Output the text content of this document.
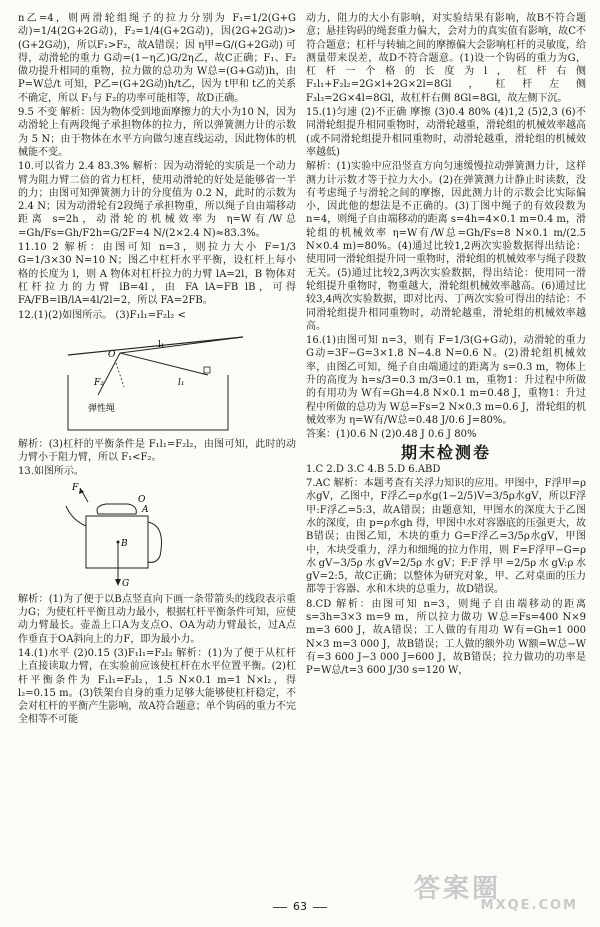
n乙=4，则两滑轮组绳子的拉力分别为 F₁=1/2(G+G动)=1/4(2G+2G动)，F₂=1/4(G+2G动)，因(2G+2G动)>(G+2G动)，所以F₁>F₂，故A错误；因 η甲=G/(G+2G动) 可得，动滑轮的重力 G动=(1−η乙)G/2η乙，故C正确；F₁、F₂做功提升相同的重物，拉力做的总功为 W总=(G+G动)h，由 P=W总/t 可知，P乙=(G+2G动)h/t乙，因为 t甲和 t乙的关系不确定，所以 F₁与 F₂的功率可能相等，故D正确。

9.5 不变 解析：因为物体受到地面摩擦力的大小为10 N，因为动滑轮上有两段绳子承担物体的拉力，所以弹簧测力计的示数为 5 N；由于物体在水平方向做匀速直线运动，因此物体的机械能不变。

10.可以省力 2.4 83.3% 解析：因为动滑轮的实质是一个动力臂为阻力臂二倍的省力杠杆，使用动滑轮的好处是能够省一半的力；由图可知弹簧测力计的分度值为 0.2 N，此时的示数为 2.4 N；因为动滑轮有2段绳子承担物重，所以绳子自由端移动距离 s=2h，动滑轮的机械效率为 η=W有/W总=Gh/Fs=Gh/F2h=G/2F=4 N/(2×2.4 N)≈83.3%。

11.10 2 解析：由图可知 n=3，则拉力大小 F=1/3 G=1/3×30 N=10 N；图乙中杠杆水平平衡，设杠杆上每小格的长度为 l，则 A 物体对杠杆拉力的力臂 lA=2l，B 物体对杠杆拉力的力臂 lB=4l，由 FA lA=FB lB，可得 FA/FB=lB/lA=4l/2l=2，所以 FA=2FB。

12.(1)(2)如图所示。 (3)F₁l₁=F₂l₂ <

l₁
O
F₂	l₁
弹性绳

解析：(3)杠杆的平衡条件是 F₁l₁=F₂l₂，由图可知，此时的动力臂小于阻力臂，所以 F₁<F₂。

13.如图所示。

F
B
O
A
G

解析：(1)为了便于以B点竖直向下画一条带箭头的线段表示重力G；为使杠杆平衡且动力最小，根据杠杆平衡条件可知，应使动力臂最长。壶盖上口A为支点O、OA为动力臂最长，过A点作垂直于OA斜向上的力F，即为最小力。

14.(1)水平 (2)0.15 (3)F₁l₁=F₂l₂ 解析：(1)为了便于从杠杆上直接读取力臂，在实验前应该使杠杆在水平位置平衡。(2)杠杆平衡条件为 F₁l₁=F₂l₂，1.5 N×0.1 m=1 N×l₂，得 l₂=0.15 m。(3)铁架台自身的重力足够大能够使杠杆稳定，不会对杠杆的平衡产生影响，故A符合题意；单个钩码的重力不完全相等不可能

动力，阻力的大小有影响，对实验结果有影响，故B不符合题意；悬挂钩码的绳套重力偏大，会对力的真实值有影响，故C不符合题意；杠杆与转轴之间的摩擦偏大会影响杠杆的灵敏度，给测量带来误差，故D不符合题意。(1)设一个钩码的重力为G，杠杆一个格的长度为l，杠杆右侧 F₁l₁+F₂l₂=2G×l+2G×2l=8Gl，杠杆左侧 F₃l₃=2G×4l=8Gl，故杠杆右侧 8Gl=8Gl，故左侧下沉。

15.(1)匀速 (2)不正确 摩擦 (3)0.4 80% (4)1,2 (5)2,3 (6)不同滑轮组提升相同重物时，动滑轮越重，滑轮组的机械效率越高(或不同滑轮组提升相同重物时，动滑轮越重，滑轮组的机械效率越低)

解析：(1)实验中应沿竖直方向匀速缓慢拉动弹簧测力计，这样测力计示数才等于拉力大小。(2)在弹簧测力计静止时读数，没有考虑绳子与滑轮之间的摩擦，因此测力计的示数会比实际偏小，因此他的想法是不正确的。(3)丁图中绳子的有效段数为 n=4，则绳子自由端移动的距离 s=4h=4×0.1 m=0.4 m，滑轮组的机械效率 η=W有/W总=Gh/Fs=8 N×0.1 m/(2.5 N×0.4 m)=80%。(4)通过比较1,2两次实验数据得出结论：使用同一滑轮组提升同一重物时，滑轮组的机械效率与绳子段数无关。(5)通过比较2,3两次实验数据，得出结论：使用同一滑轮组提升重物时，物重越大，滑轮组机械效率越高。(6)通过比较3,4两次实验数据，即对比丙、丁两次实验可得出的结论：不同滑轮组提升相同重物时，动滑轮越重，滑轮组的机械效率越高。

16.(1)由图可知 n=3，则有 F=1/3(G+G动)，动滑轮的重力 G动=3F−G=3×1.8 N−4.8 N=0.6 N。(2)滑轮组机械效率，由图乙可知，绳子自由端通过的距离为 s=0.3 m，物体上升的高度为 h=s/3=0.3 m/3=0.1 m，重物1：升过程中所做的有用功为 W有=Gh=4.8 N×0.1 m=0.48 J，重物1：升过程中所做的总功为 W总=Fs=2 N×0.3 m=0.6 J，滑轮组的机械效率为 η=W有/W总=0.48 J/0.6 J=80%。

答案：(1)0.6 N (2)0.48 J 0.6 J 80%

期末检测卷

1.C 2.D 3.C 4.B 5.D 6.ABD

7.AC 解析：本题考查有关浮力知识的应用。甲图中，F浮甲=ρ水gV，乙图中，F浮乙=ρ水g(1−2/5)V=3/5ρ水gV，所以F浮甲:F浮乙=5:3，故A错误；由题意知，甲图水的深度大于乙图水的深度，由 p=ρ水gh 得，甲图中水对容器底的压强更大，故B错误；由图乙知，木块的重力 G=F浮乙=3/5ρ水gV，甲图中，木块受重力，浮力和细绳的拉力作用，则 F=F浮甲−G=ρ水gV−3/5ρ水gV=2/5ρ水gV；F:F浮甲=2/5ρ水gV:ρ水gV=2:5，故C正确；以整体为研究对象，甲、乙对桌面的压力都等于容器、水和木块的总重力，故D错误。

8.CD 解析：由图可知 n=3，则绳子自由端移动的距离 s=3h=3×3 m=9 m，所以拉力做功 W总=Fs=400 N×9 m=3 600 J，故A错误；工人做的有用功 W有=Gh=1 000 N×3 m=3 000 J，故B错误；工人做的额外功 W额=W总−W有=3 600 J−3 000 J=600 J，故B错误；拉力做功的功率是 P=W总/t=3 600 J/30 s=120 W，

63
答案圈
MXQE.COM
